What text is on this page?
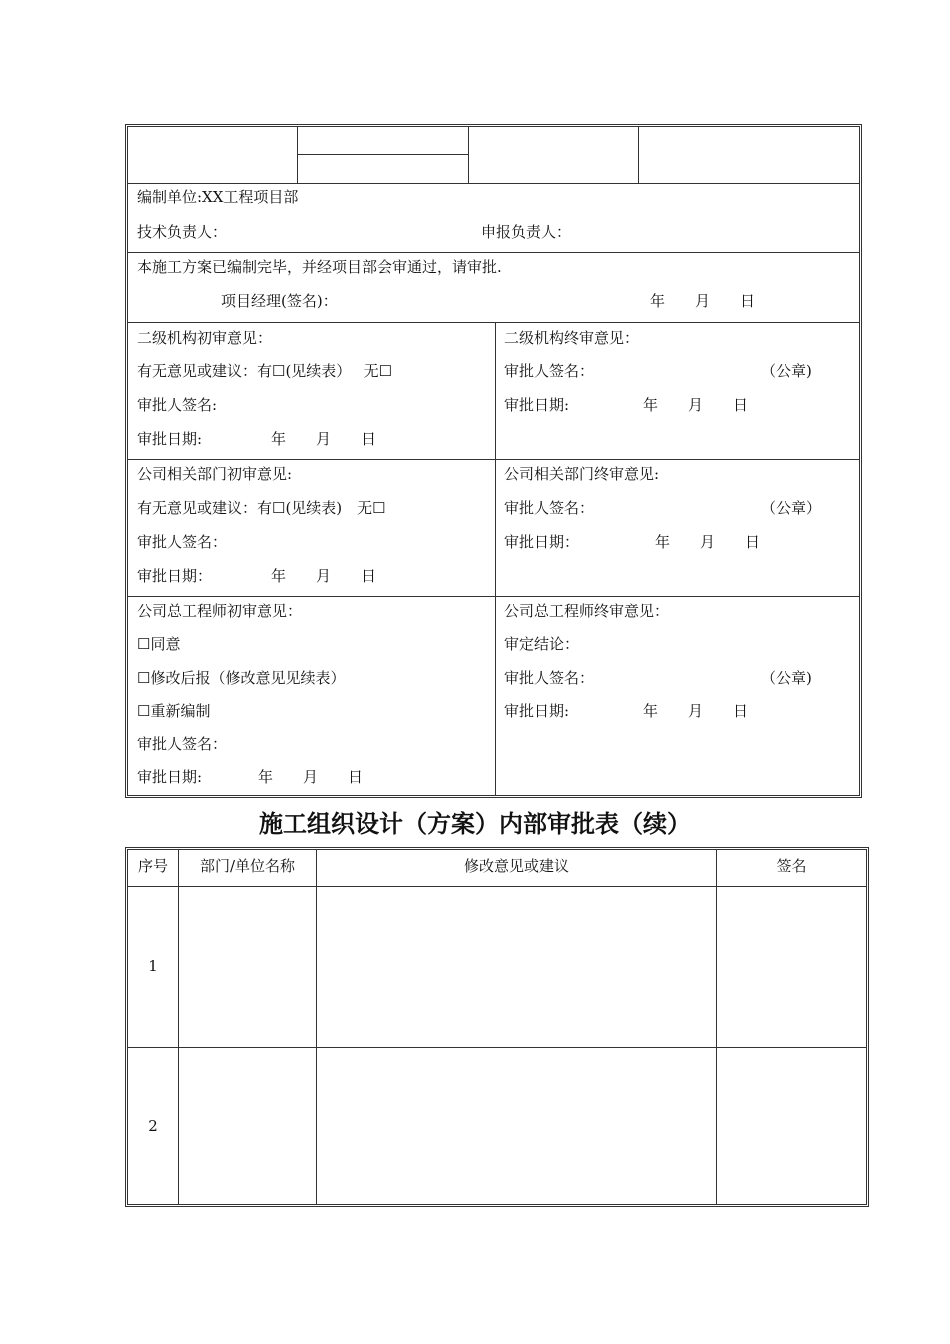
编制单位:XX工程项目部
技术负责人：	申报负责人：
本施工方案已编制完毕，并经项目部会审通过，请审批.
项目经理(签名)：	年　　月　　日
二级机构初审意见：
有无意见或建议：有☐(见续表）　 无☐
审批人签名:
审批日期:	年　　月　　日
二级机构终审意见：
审批人签名：	（公章)
审批日期:	年　　月　　日
公司相关部门初审意见:
有无意见或建议：有☐(见续表)　无☐
审批人签名：
审批日期：	年　　月　　日
公司相关部门终审意见:
审批人签名：	（公章）
审批日期：	年　　月　　日
公司总工程师初审意见：
☐同意
☐修改后报（修改意见见续表）
☐重新编制
审批人签名：
审批日期:	年　　月　　日
公司总工程师终审意见：
审定结论：
审批人签名：	（公章)
审批日期:	年　　月　　日
施工组织设计（方案）内部审批表（续）
序号	部门/单位名称	修改意见或建议	签名
1
2
